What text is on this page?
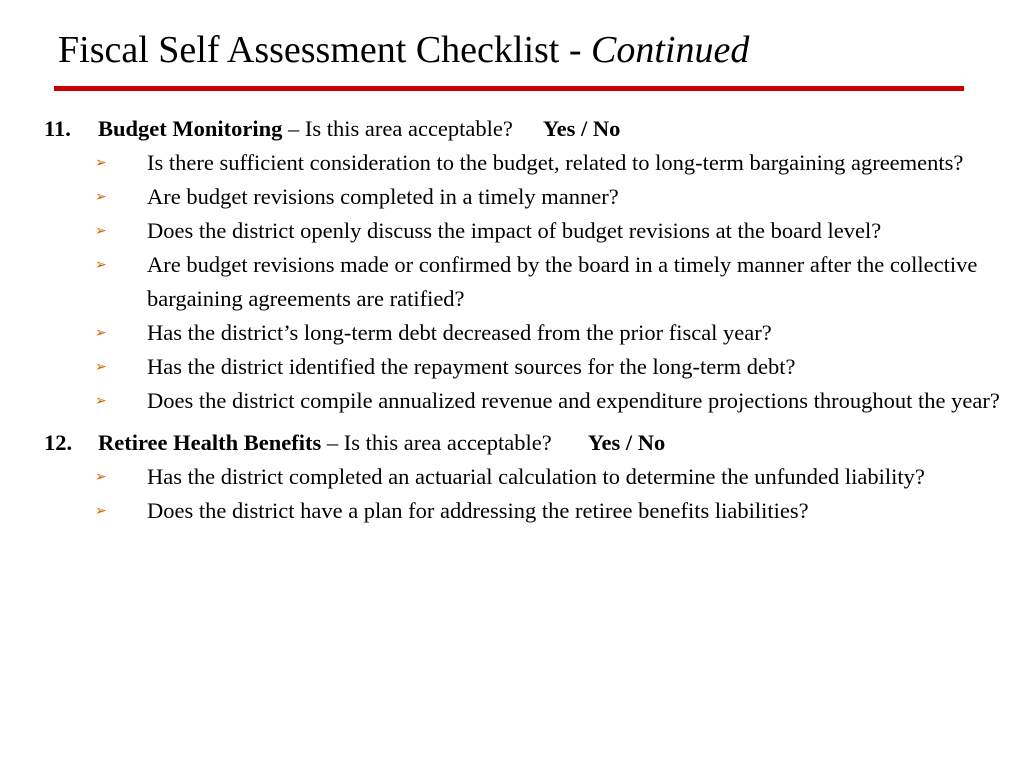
Fiscal Self Assessment Checklist - Continued
11. Budget Monitoring – Is this area acceptable? Yes / No
➢ Is there sufficient consideration to the budget, related to long-term bargaining agreements?
➢ Are budget revisions completed in a timely manner?
➢ Does the district openly discuss the impact of budget revisions at the board level?
➢ Are budget revisions made or confirmed by the board in a timely manner after the collective bargaining agreements are ratified?
➢ Has the district’s long-term debt decreased from the prior fiscal year?
➢ Has the district identified the repayment sources for the long-term debt?
➢ Does the district compile annualized revenue and expenditure projections throughout the year?
12. Retiree Health Benefits – Is this area acceptable? Yes / No
➢ Has the district completed an actuarial calculation to determine the unfunded liability?
➢ Does the district have a plan for addressing the retiree benefits liabilities?
